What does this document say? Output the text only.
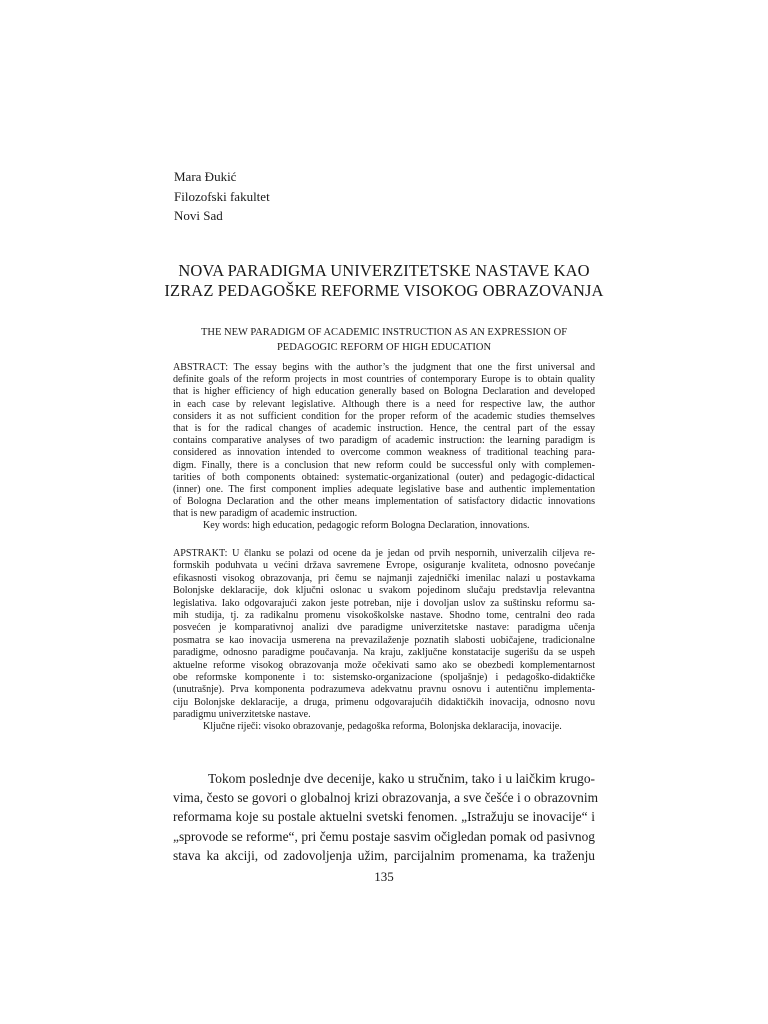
Mara Đukić
Filozofski fakultet
Novi Sad
NOVA PARADIGMA UNIVERZITETSKE NASTAVE KAO
IZRAZ PEDAGOŠKE REFORME VISOKOG OBRAZOVANJA
THE NEW PARADIGM OF ACADEMIC INSTRUCTION AS AN EXPRESSION OF
PEDAGOGIC REFORM OF HIGH EDUCATION
ABSTRACT: The essay begins with the author’s the judgment that one the first universal and
definite goals of the reform projects in most countries of contemporary Europe is to obtain quality
that is higher efficiency of high education generally based on Bologna Declaration and developed
in each case by relevant legislative. Although there is a need for respective law, the author
considers it as not sufficient condition for the proper reform of the academic studies themselves
that is for the radical changes of academic instruction. Hence, the central part of the essay
contains comparative analyses of two paradigm of academic instruction: the learning paradigm is
considered as innovation intended to overcome common weakness of traditional teaching para-
digm. Finally, there is a conclusion that new reform could be successful only with complemen-
tarities of both components obtained: systematic-organizational (outer) and pedagogic-didactical
(inner) one. The first component implies adequate legislative base and authentic implementation
of Bologna Declaration and the other means implementation of satisfactory didactic innovations
that is new paradigm of academic instruction.
Key words: high education, pedagogic reform Bologna Declaration, innovations.
APSTRAKT: U članku se polazi od ocene da je jedan od prvih nespornih, univerzalih ciljeva re-
formskih poduhvata u većini država savremene Evrope, osiguranje kvaliteta, odnosno povećanje
efikasnosti visokog obrazovanja, pri čemu se najmanji zajednički imenilac nalazi u postavkama
Bolonjske deklaracije, dok ključni oslonac u svakom pojedinom slučaju predstavlja relevantna
legislativa. Iako odgovarajući zakon jeste potreban, nije i dovoljan uslov za suštinsku reformu sa-
mih studija, tj. za radikalnu promenu visokoškolske nastave. Shodno tome, centralni deo rada
posvećen je komparativnoj analizi dve paradigme univerzitetske nastave: paradigma učenja
posmatra se kao inovacija usmerena na prevazilaženje poznatih slabosti uobičajene, tradicionalne
paradigme, odnosno paradigme poučavanja. Na kraju, zaključne konstatacije sugerišu da se uspeh
aktuelne reforme visokog obrazovanja može očekivati samo ako se obezbedi komplementarnost
obe reformske komponente i to: sistemsko-organizacione (spoljašnje) i pedagoško-didaktičke
(unutrašnje). Prva komponenta podrazumeva adekvatnu pravnu osnovu i autentičnu implementa-
ciju Bolonjske deklaracije, a druga, primenu odgovarajućih didaktičkih inovacija, odnosno novu
paradigmu univerzitetske nastave.
Ključne riječi: visoko obrazovanje, pedagoška reforma, Bolonjska deklaracija, inovacije.
Tokom poslednje dve decenije, kako u stručnim, tako i u laičkim krugo-
vima, često se govori o globalnoj krizi obrazovanja, a sve češće i o obrazovnim
reformama koje su postale aktuelni svetski fenomen. „Istražuju se inovacije“ i
„sprovode se reforme“, pri čemu postaje sasvim očigledan pomak od pasivnog
stava ka akciji, od zadovoljenja užim, parcijalnim promenama, ka traženju
135
